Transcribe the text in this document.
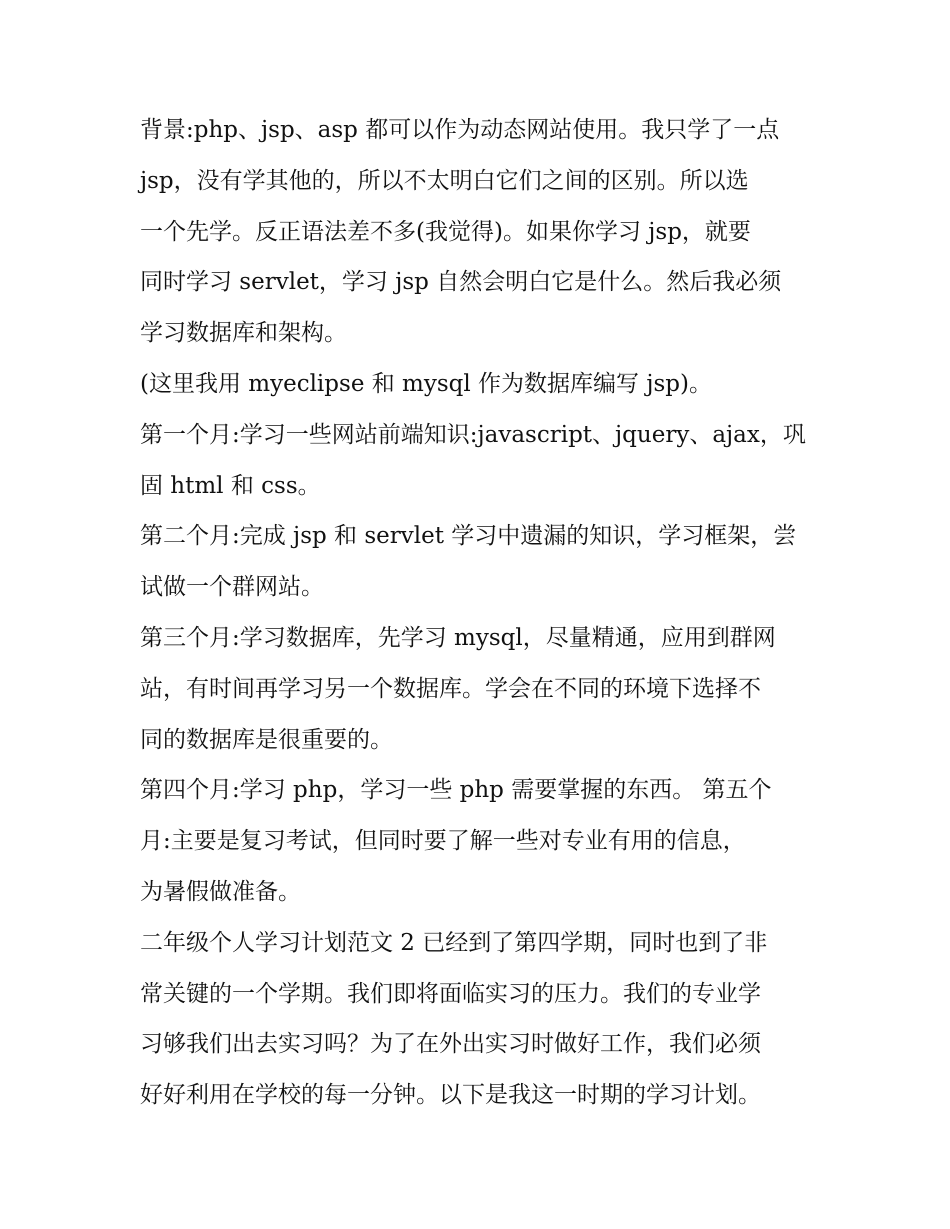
背景:php、jsp、asp 都可以作为动态网站使用。我只学了一点
jsp，没有学其他的，所以不太明白它们之间的区别。所以选
一个先学。反正语法差不多(我觉得)。如果你学习 jsp，就要
同时学习 servlet，学习 jsp 自然会明白它是什么。然后我必须
学习数据库和架构。

(这里我用 myeclipse 和 mysql 作为数据库编写 jsp)。

第一个月:学习一些网站前端知识:javascript、jquery、ajax，巩
固 html 和 css。

第二个月:完成 jsp 和 servlet 学习中遗漏的知识，学习框架，尝
试做一个群网站。

第三个月:学习数据库，先学习 mysql，尽量精通，应用到群网
站，有时间再学习另一个数据库。学会在不同的环境下选择不
同的数据库是很重要的。

第四个月:学习 php，学习一些 php 需要掌握的东西。 第五个
月:主要是复习考试，但同时要了解一些对专业有用的信息，
为暑假做准备。

二年级个人学习计划范文 2 已经到了第四学期，同时也到了非
常关键的一个学期。我们即将面临实习的压力。我们的专业学
习够我们出去实习吗？为了在外出实习时做好工作，我们必须
好好利用在学校的每一分钟。以下是我这一时期的学习计划。
